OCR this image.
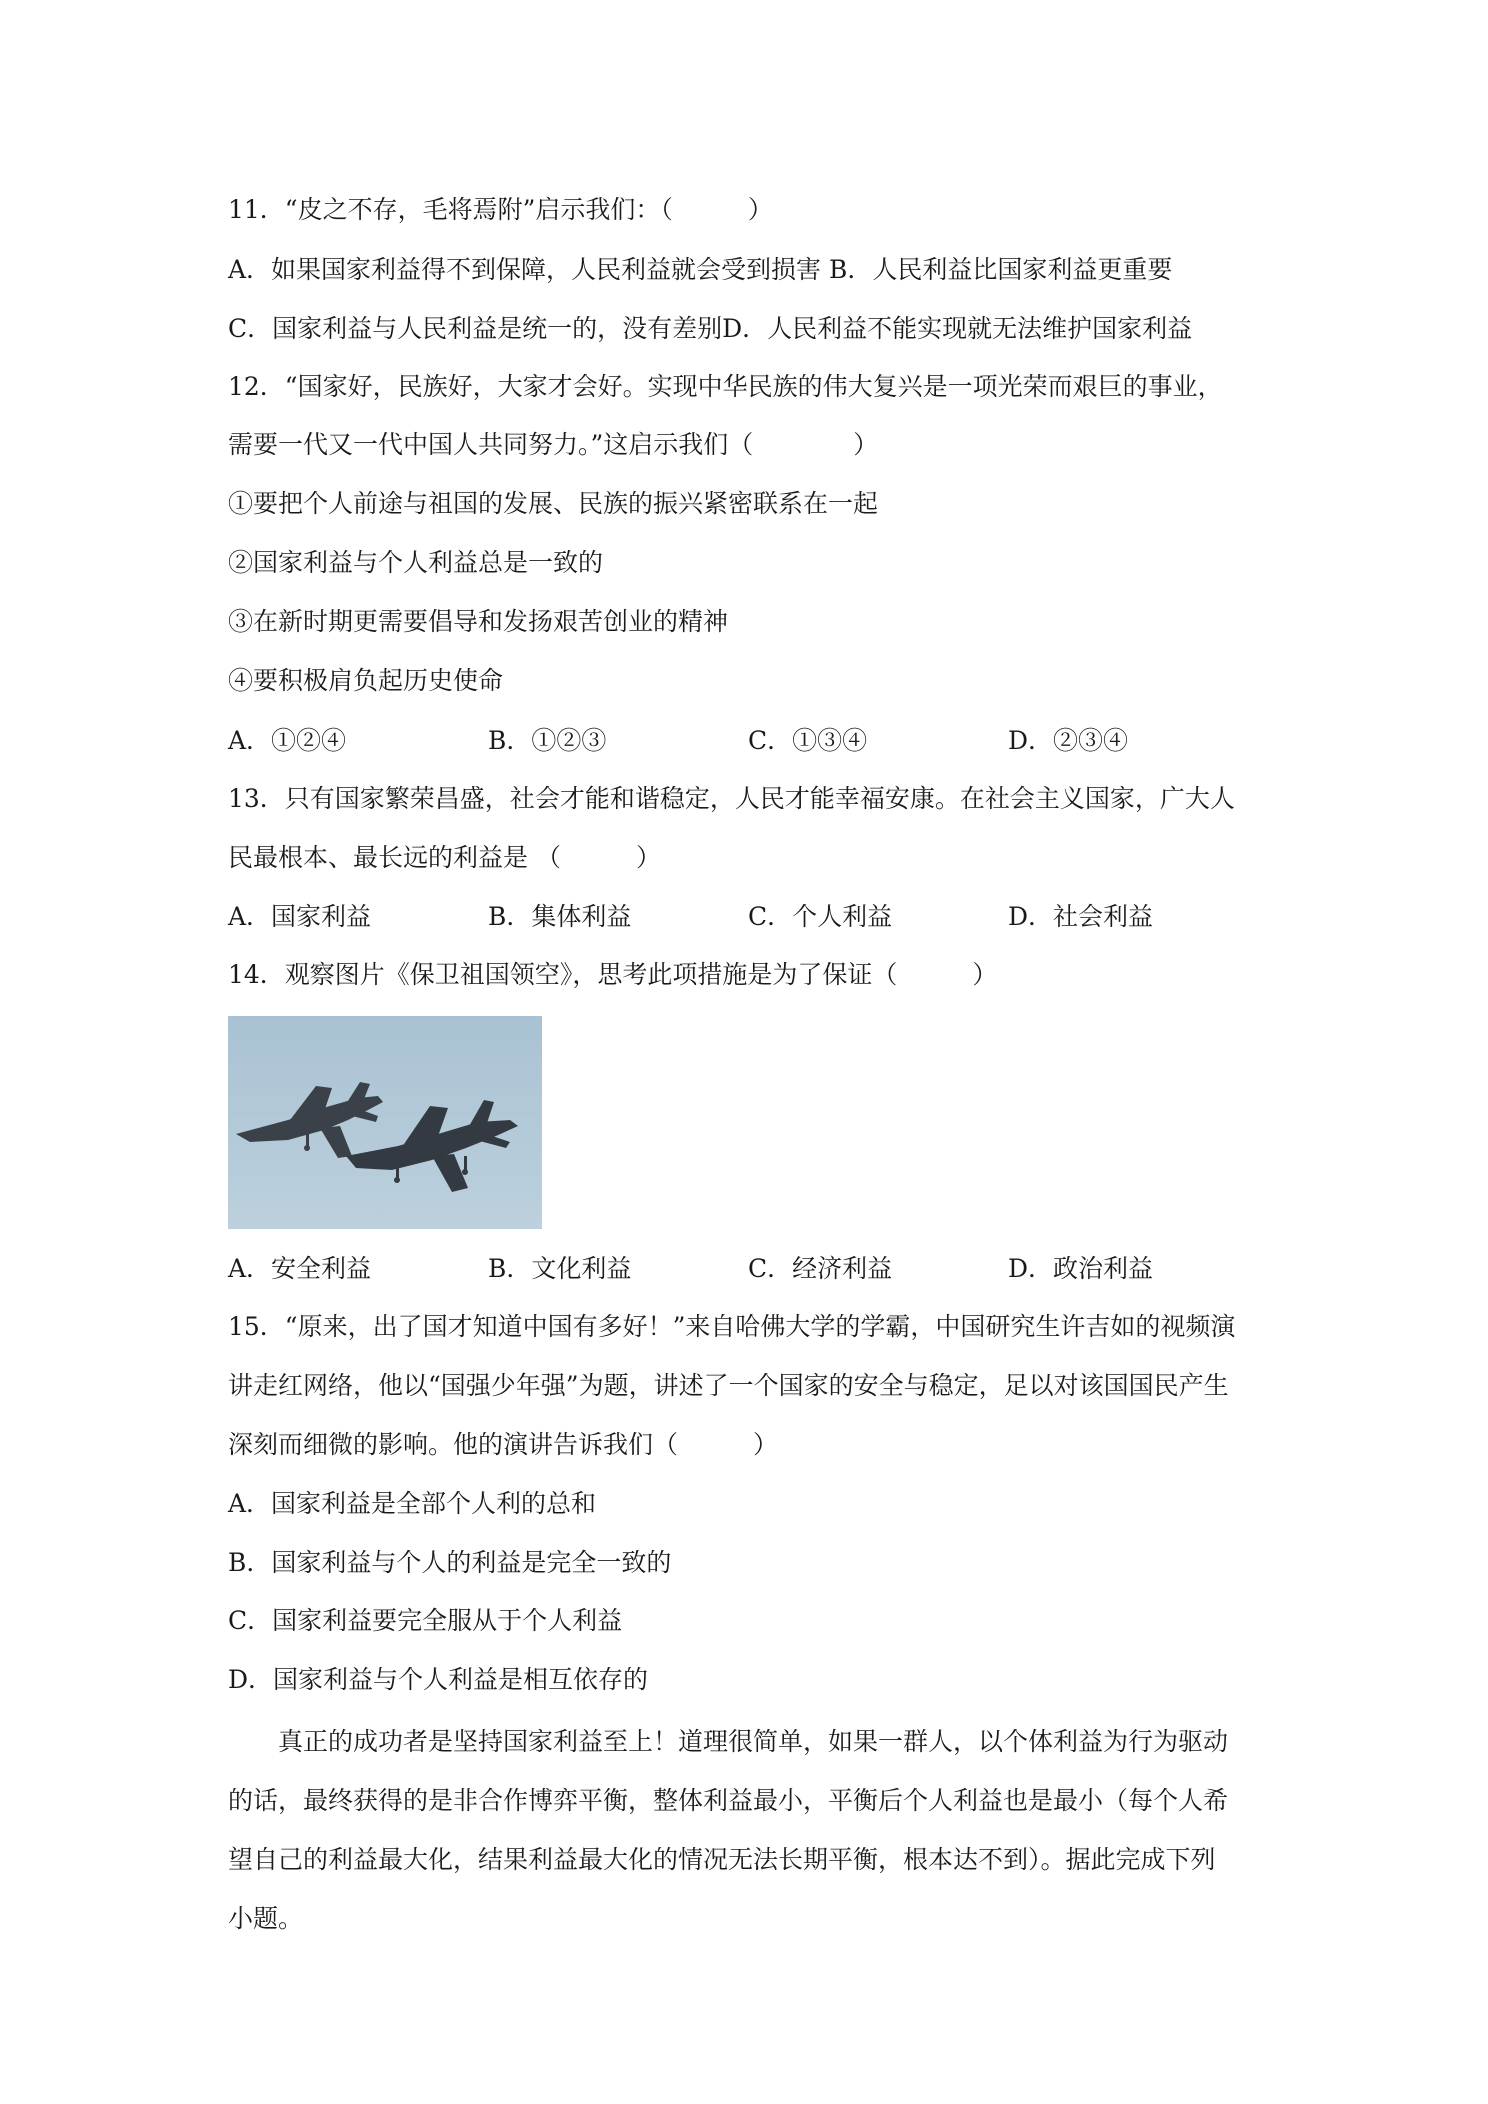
11．“皮之不存，毛将焉附”启示我们：（　　　）
A．如果国家利益得不到保障，人民利益就会受到损害 B．人民利益比国家利益更重要
C．国家利益与人民利益是统一的，没有差别D．人民利益不能实现就无法维护国家利益
12．“国家好，民族好，大家才会好。实现中华民族的伟大复兴是一项光荣而艰巨的事业，
需要一代又一代中国人共同努力。”这启示我们（　　　　）
①要把个人前途与祖国的发展、民族的振兴紧密联系在一起
②国家利益与个人利益总是一致的
③在新时期更需要倡导和发扬艰苦创业的精神
④要积极肩负起历史使命
A．①②④	B．①②③	C．①③④	D．②③④
13．只有国家繁荣昌盛，社会才能和谐稳定，人民才能幸福安康。在社会主义国家，广大人
民最根本、最长远的利益是 （　　　）
A．国家利益	B．集体利益	C．个人利益	D．社会利益
14．观察图片《保卫祖国领空》，思考此项措施是为了保证（　　　）
A．安全利益	B．文化利益	C．经济利益	D．政治利益
15．“原来，出了国才知道中国有多好！”来自哈佛大学的学霸，中国研究生许吉如的视频演
讲走红网络，他以“国强少年强”为题，讲述了一个国家的安全与稳定，足以对该国国民产生
深刻而细微的影响。他的演讲告诉我们（　　　）
A．国家利益是全部个人利的总和
B．国家利益与个人的利益是完全一致的
C．国家利益要完全服从于个人利益
D．国家利益与个人利益是相互依存的
真正的成功者是坚持国家利益至上！道理很简单，如果一群人，以个体利益为行为驱动
的话，最终获得的是非合作博弈平衡，整体利益最小，平衡后个人利益也是最小（每个人希
望自己的利益最大化，结果利益最大化的情况无法长期平衡，根本达不到）。据此完成下列
小题。
